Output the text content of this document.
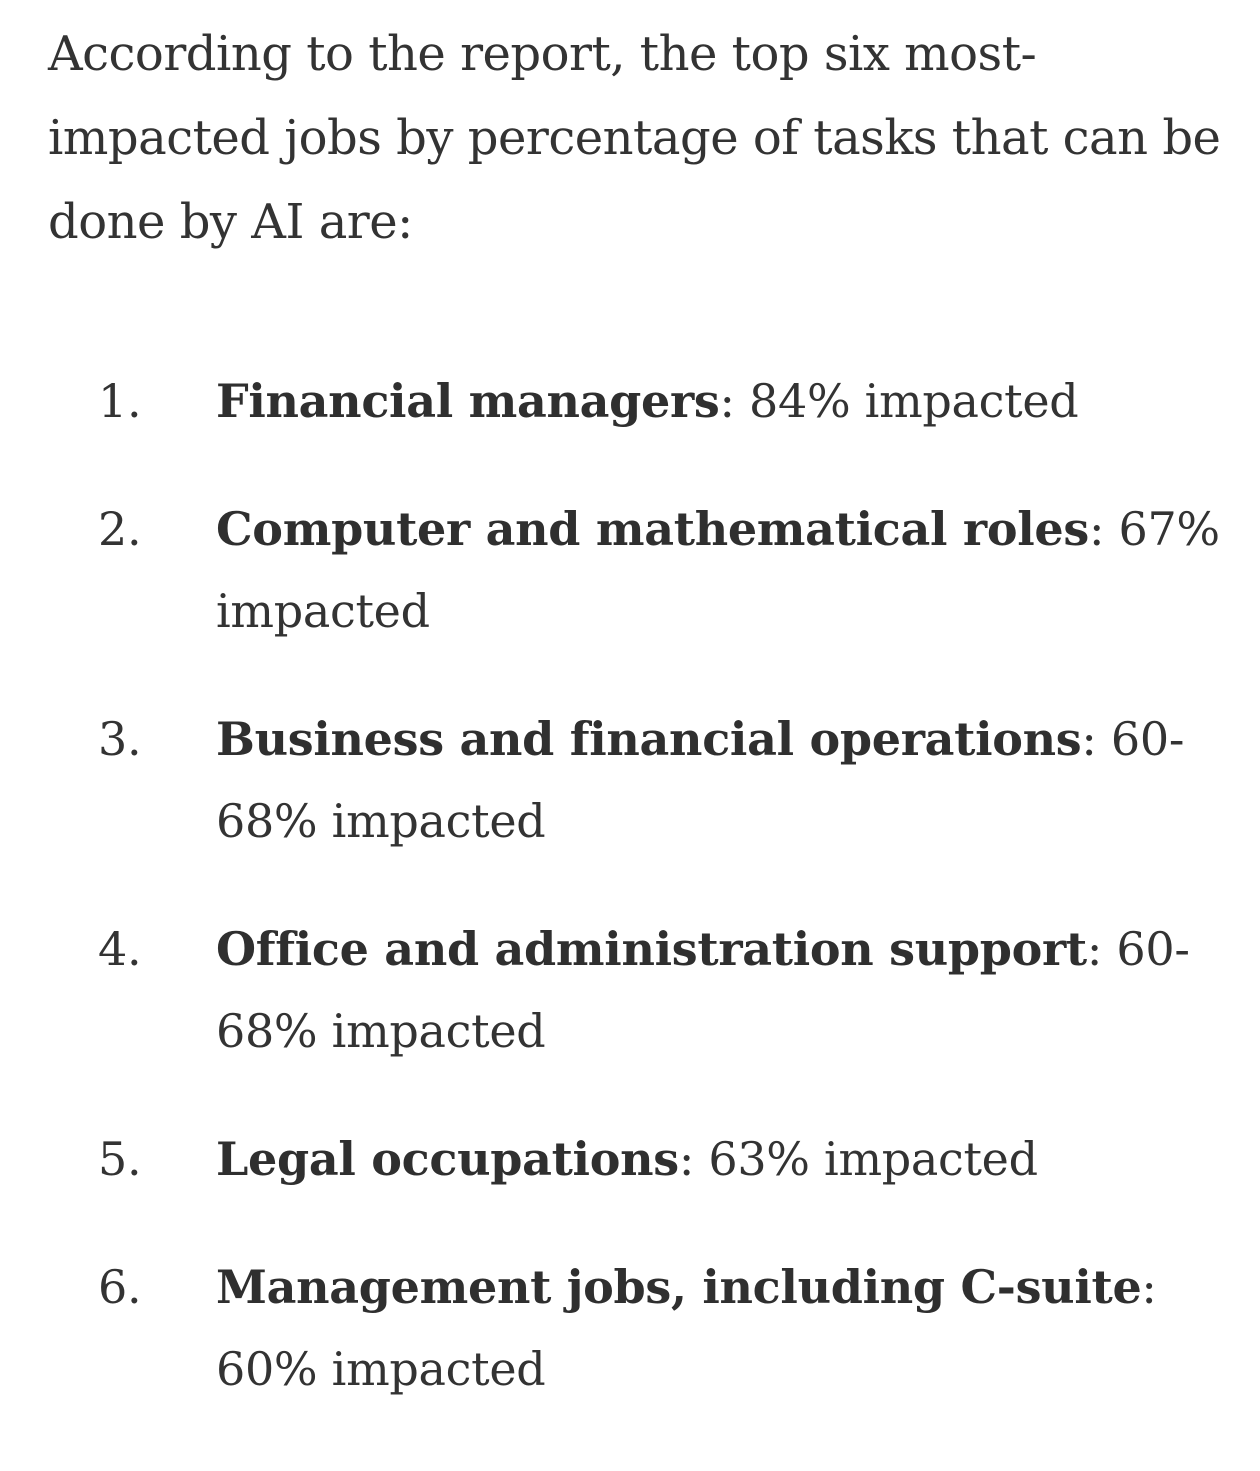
According to the report, the top six most-impacted jobs by percentage of tasks that can be done by AI are:

1. Financial managers: 84% impacted
2. Computer and mathematical roles: 67% impacted
3. Business and financial operations: 60-68% impacted
4. Office and administration support: 60-68% impacted
5. Legal occupations: 63% impacted
6. Management jobs, including C-suite: 60% impacted
